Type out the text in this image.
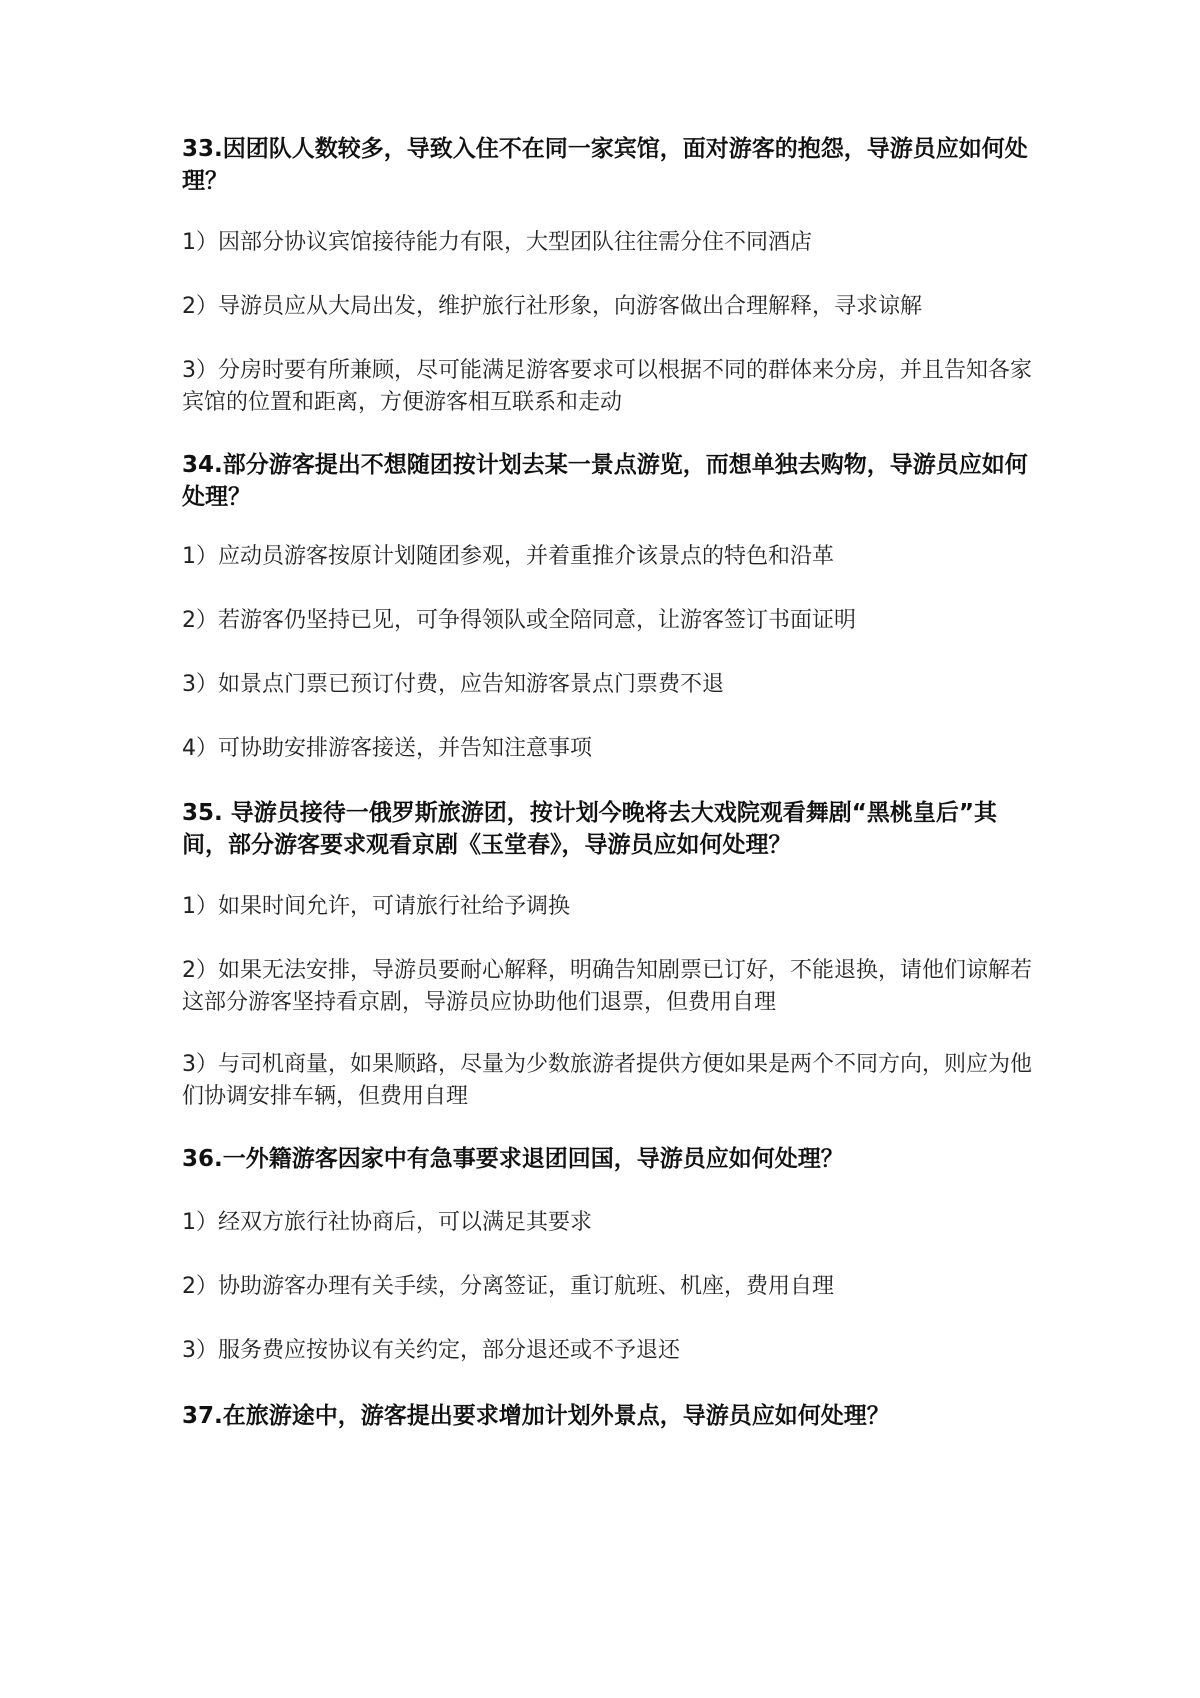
33.因团队人数较多，导致入住不在同一家宾馆，面对游客的抱怨，导游员应如何处理？

1）因部分协议宾馆接待能力有限，大型团队往往需分住不同酒店

2）导游员应从大局出发，维护旅行社形象，向游客做出合理解释，寻求谅解

3）分房时要有所兼顾，尽可能满足游客要求可以根据不同的群体来分房，并且告知各家宾馆的位置和距离，方便游客相互联系和走动

34.部分游客提出不想随团按计划去某一景点游览，而想单独去购物，导游员应如何处理？

1）应动员游客按原计划随团参观，并着重推介该景点的特色和沿革

2）若游客仍坚持已见，可争得领队或全陪同意，让游客签订书面证明

3）如景点门票已预订付费，应告知游客景点门票费不退

4）可协助安排游客接送，并告知注意事项

35. 导游员接待一俄罗斯旅游团，按计划今晚将去大戏院观看舞剧“黑桃皇后”其间，部分游客要求观看京剧《玉堂春》，导游员应如何处理？

1）如果时间允许，可请旅行社给予调换

2）如果无法安排，导游员要耐心解释，明确告知剧票已订好，不能退换，请他们谅解若这部分游客坚持看京剧，导游员应协助他们退票，但费用自理

3）与司机商量，如果顺路，尽量为少数旅游者提供方便如果是两个不同方向，则应为他们协调安排车辆，但费用自理

36.一外籍游客因家中有急事要求退团回国，导游员应如何处理？

1）经双方旅行社协商后，可以满足其要求

2）协助游客办理有关手续，分离签证，重订航班、机座，费用自理

3）服务费应按协议有关约定，部分退还或不予退还

37.在旅游途中，游客提出要求增加计划外景点，导游员应如何处理？
